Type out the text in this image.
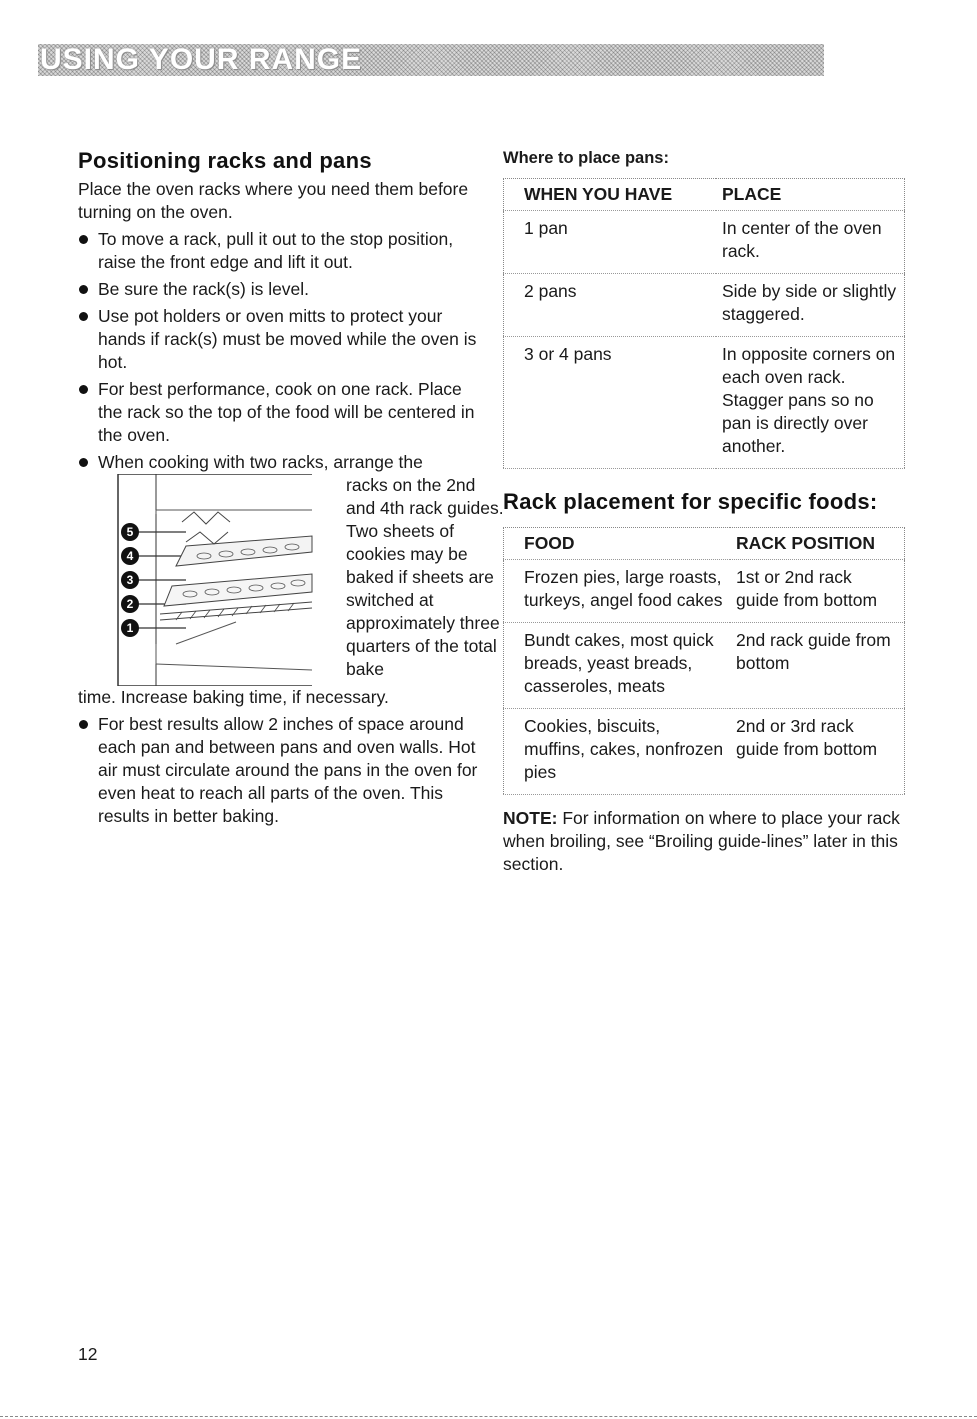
USING YOUR RANGE
Positioning racks and pans

Place the oven racks where you need them before turning on the oven.

To move a rack, pull it out to the stop position, raise the front edge and lift it out.
Be sure the rack(s) is level.
Use pot holders or oven mitts to protect your hands if rack(s) must be moved while the oven is hot.
For best performance, cook on one rack. Place the rack so the top of the food will be centered in the oven.
When cooking with two racks, arrange the
5
4
3
2
1
racks on the 2nd and 4th rack guides. Two sheets of cookies may be baked if sheets are switched at approximately three quarters of the total bake
time. Increase baking time, if necessary.
For best results allow 2 inches of space around each pan and between pans and oven walls. Hot air must circulate around the pans in the oven for even heat to reach all parts of the oven. This results in better baking.
Where to place pans:
WHEN YOU HAVE	PLACE
1 pan	In center of the oven rack.
2 pans	Side by side or slightly staggered.
3 or 4 pans	In opposite corners on each oven rack. Stagger pans so no pan is directly over another.
Rack placement for specific foods:
FOOD	RACK POSITION
Frozen pies, large roasts, turkeys, angel food cakes	1st or 2nd rack guide from bottom
Bundt cakes, most quick breads, yeast breads, casseroles, meats	2nd rack guide from bottom
Cookies, biscuits, muffins, cakes, nonfrozen pies	2nd or 3rd rack guide from bottom
NOTE: For information on where to place your rack when broiling, see “Broiling guide-lines” later in this section.
12
